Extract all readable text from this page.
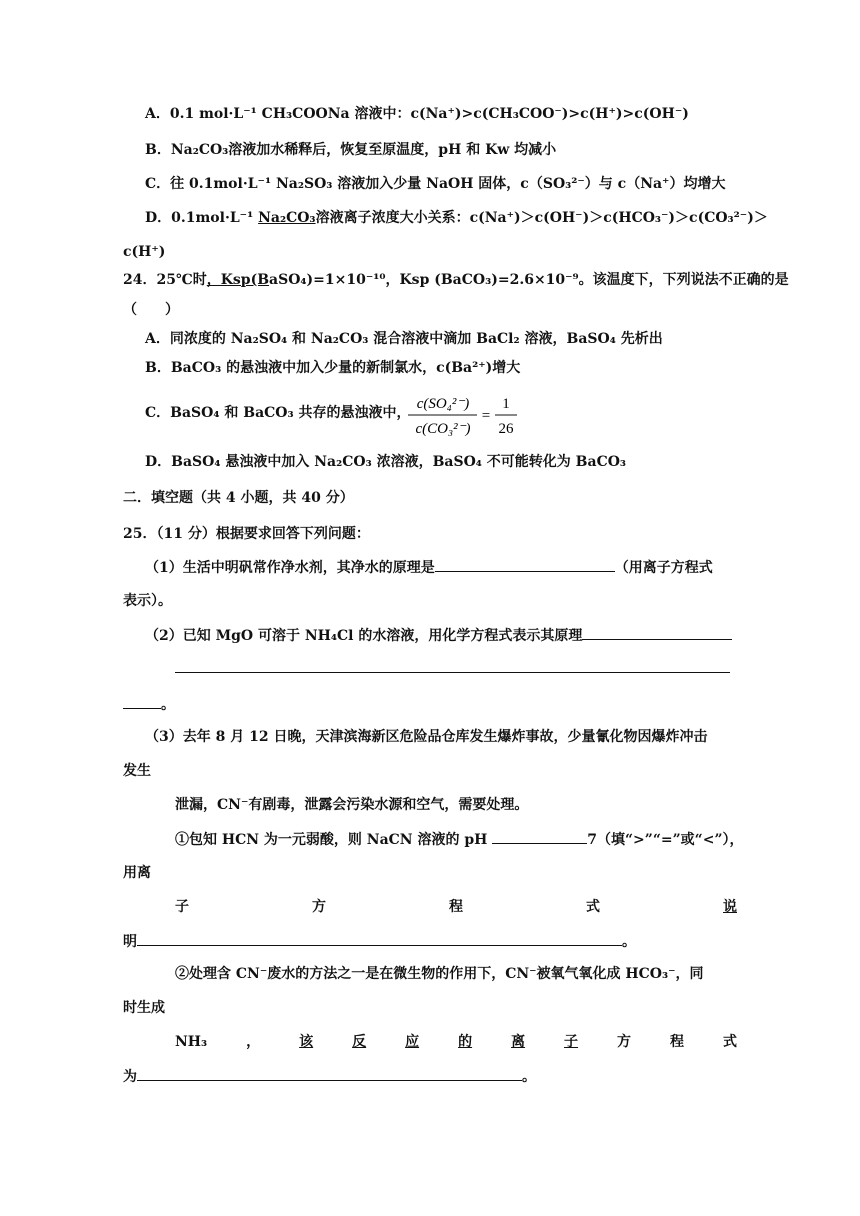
A．0.1 mol·L⁻¹ CH₃COONa 溶液中：c(Na⁺)>c(CH₃COO⁻)>c(H⁺)>c(OH⁻)
B．Na₂CO₃溶液加水稀释后，恢复至原温度，pH 和 Kw 均减小
C．往 0.1mol·L⁻¹ Na₂SO₃ 溶液加入少量 NaOH 固体，c（SO₃²⁻）与 c（Na⁺）均增大
D．0.1mol·L⁻¹ Na₂CO₃溶液离子浓度大小关系：c(Na⁺)＞c(OH⁻)＞c(HCO₃⁻)＞c(CO₃²⁻)＞
c(H⁺)
24．25℃时，Ksp(BaSO₄)=1×10⁻¹⁰，Ksp (BaCO₃)=2.6×10⁻⁹。该温度下，下列说法不正确的是
（　　）
A．同浓度的 Na₂SO₄ 和 Na₂CO₃ 混合溶液中滴加 BaCl₂ 溶液，BaSO₄ 先析出
B．BaCO₃ 的悬浊液中加入少量的新制氯水，c(Ba²⁺)增大
C．BaSO₄ 和 BaCO₃ 共存的悬浊液中，
c(SO₄²⁻)
c(CO₃²⁻)
=
1
26
D．BaSO₄ 悬浊液中加入 Na₂CO₃ 浓溶液，BaSO₄ 不可能转化为 BaCO₃
二．填空题（共 4 小题，共 40 分）
25．（11 分）根据要求回答下列问题：
（1）生活中明矾常作净水剂，其净水的原理是	（用离子方程式
表示）。
（2）已知 MgO 可溶于 NH₄Cl 的水溶液，用化学方程式表示其原理
。
（3）去年 8 月 12 日晚，天津滨海新区危险品仓库发生爆炸事故，少量氰化物因爆炸冲击
发生
泄漏，CN⁻有剧毒，泄露会污染水源和空气，需要处理。
①包知 HCN 为一元弱酸，则 NaCN 溶液的 pH	7（填“>”“=”或“<”），
用离
子	方	程	式	说
明	。
②处理含 CN⁻废水的方法之一是在微生物的作用下，CN⁻被氧气氧化成 HCO₃⁻，同
时生成
NH₃	，	该	反	应	的	离	子	方	程	式
为	。
